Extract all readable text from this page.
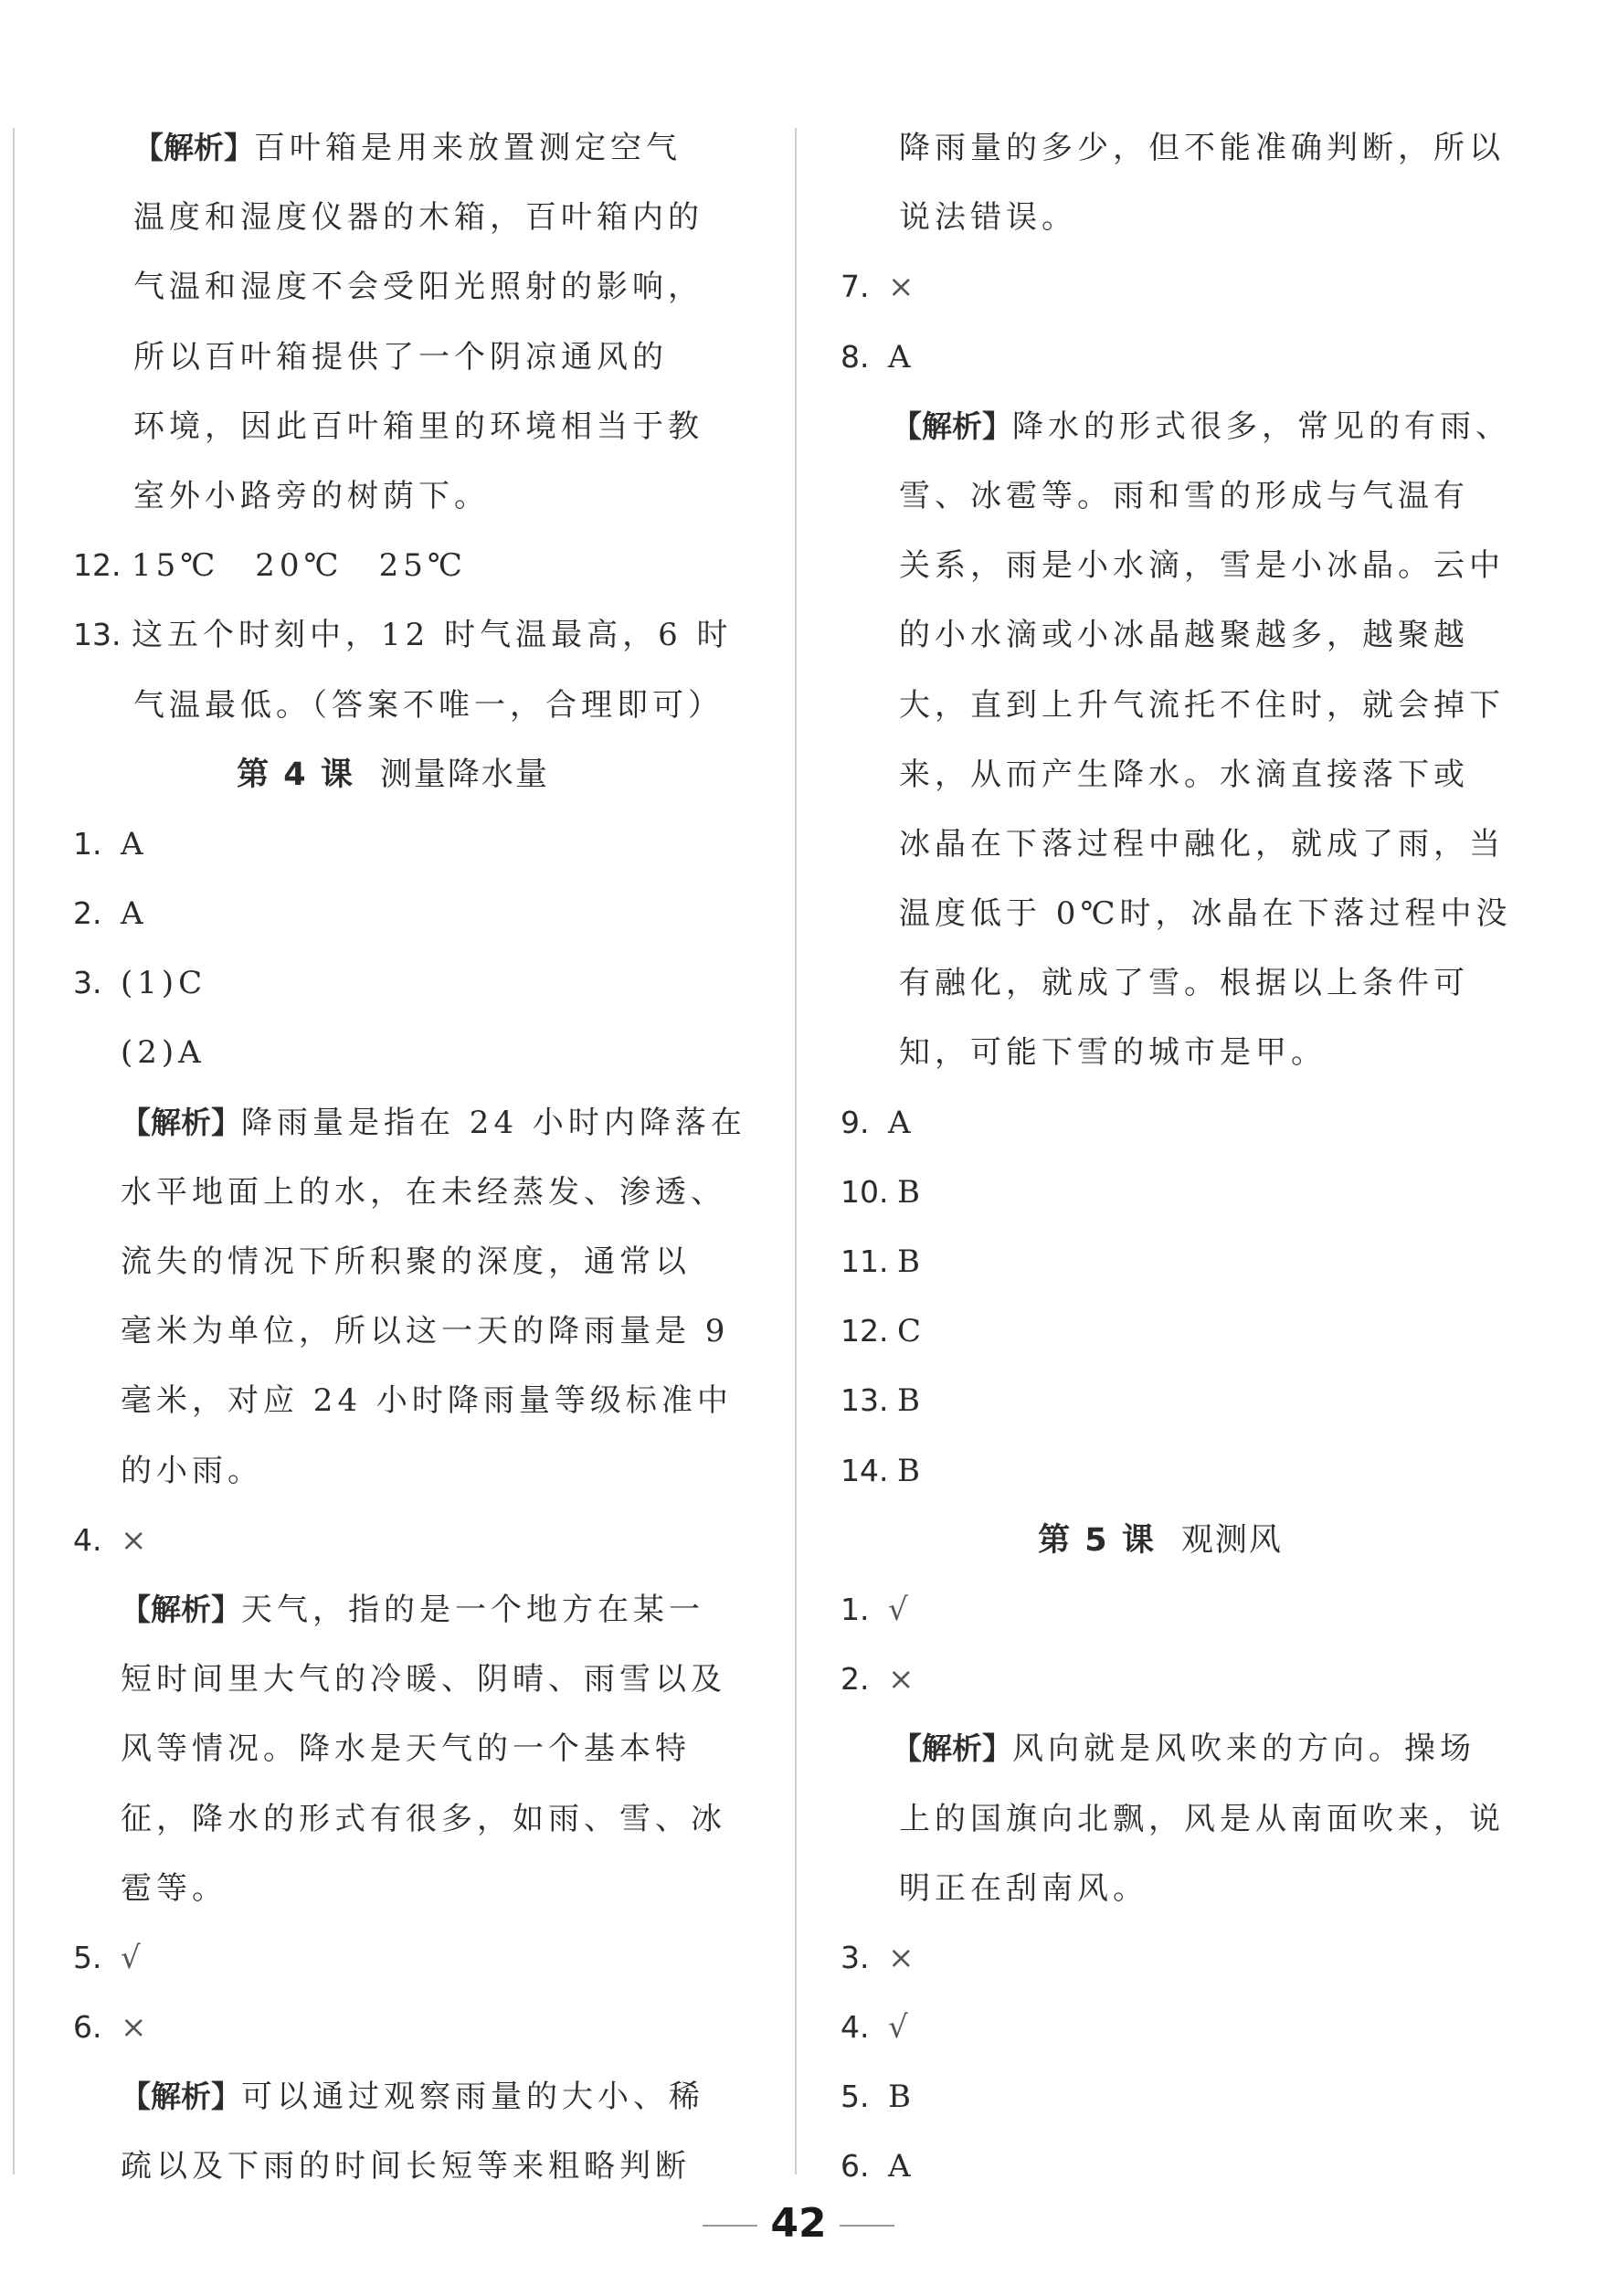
【解析】百叶箱是用来放置测定空气
温度和湿度仪器的木箱，百叶箱内的
气温和湿度不会受阳光照射的影响，
所以百叶箱提供了一个阴凉通风的
环境，因此百叶箱里的环境相当于教
室外小路旁的树荫下。
12. 15℃　20℃　25℃
13. 这五个时刻中，12 时气温最高，6 时
气温最低。（答案不唯一，合理即可）
第 4 课 测量降水量
1. A
2. A
3. (1)C
(2)A
【解析】降雨量是指在 24 小时内降落在
水平地面上的水，在未经蒸发、渗透、
流失的情况下所积聚的深度，通常以
毫米为单位，所以这一天的降雨量是 9
毫米，对应 24 小时降雨量等级标准中
的小雨。
4. ×
【解析】天气，指的是一个地方在某一
短时间里大气的冷暖、阴晴、雨雪以及
风等情况。降水是天气的一个基本特
征，降水的形式有很多，如雨、雪、冰
雹等。
5. √
6. ×
【解析】可以通过观察雨量的大小、稀
疏以及下雨的时间长短等来粗略判断
降雨量的多少，但不能准确判断，所以
说法错误。
7. ×
8. A
【解析】降水的形式很多，常见的有雨、
雪、冰雹等。雨和雪的形成与气温有
关系，雨是小水滴，雪是小冰晶。云中
的小水滴或小冰晶越聚越多，越聚越
大，直到上升气流托不住时，就会掉下
来，从而产生降水。水滴直接落下或
冰晶在下落过程中融化，就成了雨，当
温度低于 0℃时，冰晶在下落过程中没
有融化，就成了雪。根据以上条件可
知，可能下雪的城市是甲。
9. A
10. B
11. B
12. C
13. B
14. B
第 5 课 观测风
1. √
2. ×
【解析】风向就是风吹来的方向。操场
上的国旗向北飘，风是从南面吹来，说
明正在刮南风。
3. ×
4. √
5. B
6. A
42
